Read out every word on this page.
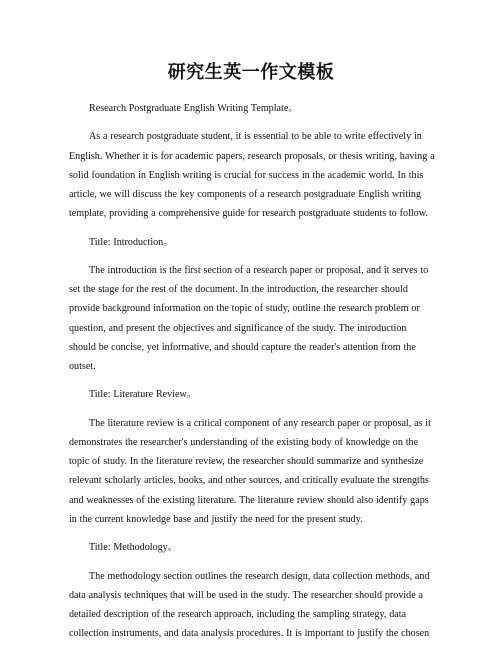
研究生英一作文模板

Research Postgraduate English Writing Template。

As a research postgraduate student, it is essential to be able to write effectively in English. Whether it is for academic papers, research proposals, or thesis writing, having a solid foundation in English writing is crucial for success in the academic world. In this article, we will discuss the key components of a research postgraduate English writing template, providing a comprehensive guide for research postgraduate students to follow.

Title: Introduction。

The introduction is the first section of a research paper or proposal, and it serves to set the stage for the rest of the document. In the introduction, the researcher should provide background information on the topic of study, outline the research problem or question, and present the objectives and significance of the study. The introduction should be concise, yet informative, and should capture the reader's attention from the outset.

Title: Literature Review。

The literature review is a critical component of any research paper or proposal, as it demonstrates the researcher's understanding of the existing body of knowledge on the topic of study. In the literature review, the researcher should summarize and synthesize relevant scholarly articles, books, and other sources, and critically evaluate the strengths and weaknesses of the existing literature. The literature review should also identify gaps in the current knowledge base and justify the need for the present study.

Title: Methodology。

The methodology section outlines the research design, data collection methods, and data analysis techniques that will be used in the study. The researcher should provide a detailed description of the research approach, including the sampling strategy, data collection instruments, and data analysis procedures. It is important to justify the chosen
